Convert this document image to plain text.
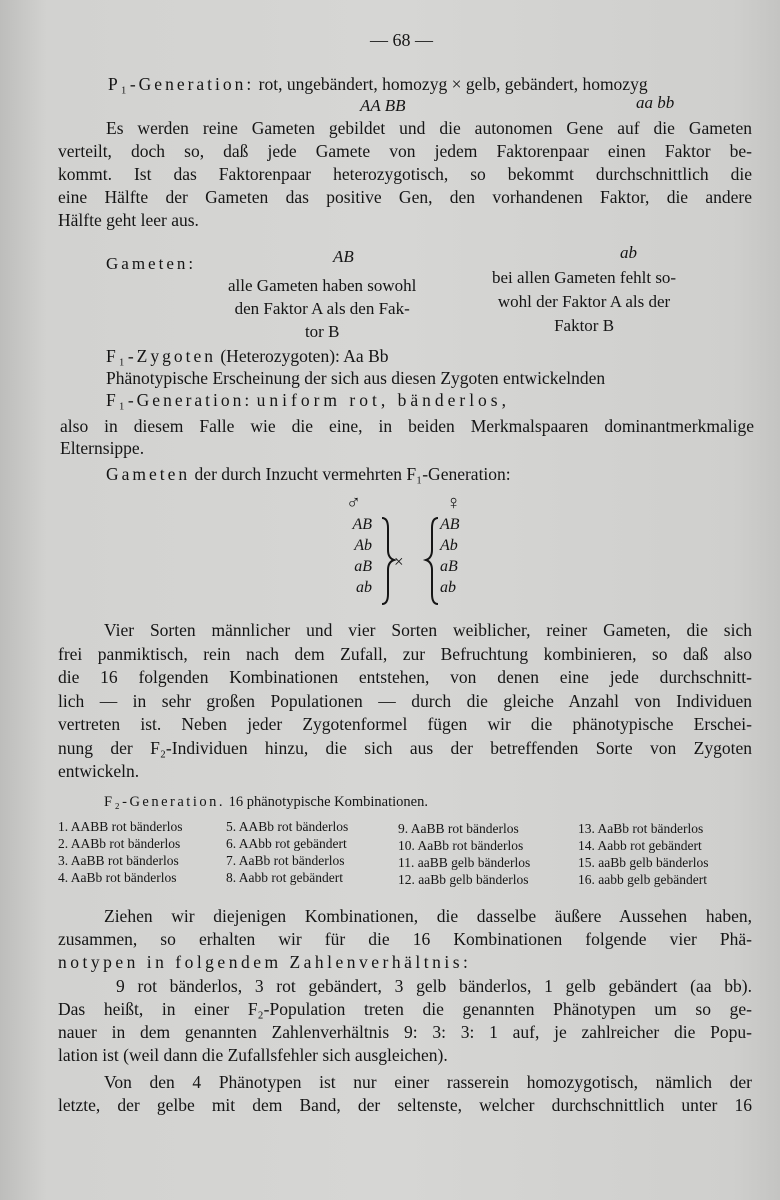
— 68 —
P₁-Generation: rot, ungebändert, homozyg × gelb, gebändert, homozyg
AA BB	aa bb
Es werden reine Gameten gebildet und die autonomen Gene auf die Gameten
verteilt, doch so, daß jede Gamete von jedem Faktorenpaar einen Faktor be-
kommt. Ist das Faktorenpaar heterozygotisch, so bekommt durchschnittlich die
eine Hälfte der Gameten das positive Gen, den vorhandenen Faktor, die andere
Hälfte geht leer aus.
Gameten:	AB	ab
alle Gameten haben sowohl
den Faktor A als den Fak-
tor B
bei allen Gameten fehlt so-
wohl der Faktor A als der
Faktor B
F₁-Zygoten (Heterozygoten): Aa Bb
Phänotypische Erscheinung der sich aus diesen Zygoten entwickelnden
F₁-Generation: uniform rot, bänderlos,
also in diesem Falle wie die eine, in beiden Merkmalspaaren dominantmerkmalige
Elternsippe.
Gameten der durch Inzucht vermehrten F₁-Generation:
♂	♀
AB
Ab
aB
ab
×
AB
Ab
aB
ab
Vier Sorten männlicher und vier Sorten weiblicher, reiner Gameten, die sich
frei panmiktisch, rein nach dem Zufall, zur Befruchtung kombinieren, so daß also
die 16 folgenden Kombinationen entstehen, von denen eine jede durchschnitt-
lich — in sehr großen Populationen — durch die gleiche Anzahl von Individuen
vertreten ist. Neben jeder Zygotenformel fügen wir die phänotypische Erschei-
nung der F₂-Individuen hinzu, die sich aus der betreffenden Sorte von Zygoten
entwickeln.
F₂-Generation. 16 phänotypische Kombinationen.
1. AABB rot bänderlos
2. AABb rot bänderlos
3. AaBB rot bänderlos
4. AaBb rot bänderlos
5. AABb rot bänderlos
6. AAbb rot gebändert
7. AaBb rot bänderlos
8. Aabb rot gebändert
9. AaBB rot bänderlos
10. AaBb rot bänderlos
11. aaBB gelb bänderlos
12. aaBb gelb bänderlos
13. AaBb rot bänderlos
14. Aabb rot gebändert
15. aaBb gelb bänderlos
16. aabb gelb gebändert
Ziehen wir diejenigen Kombinationen, die dasselbe äußere Aussehen haben,
zusammen, so erhalten wir für die 16 Kombinationen folgende vier Phä-
notypen in folgendem Zahlenverhältnis:
9 rot bänderlos, 3 rot gebändert, 3 gelb bänderlos, 1 gelb gebändert (aa bb).
Das heißt, in einer F₂-Population treten die genannten Phänotypen um so ge-
nauer in dem genannten Zahlenverhältnis 9: 3: 3: 1 auf, je zahlreicher die Popu-
lation ist (weil dann die Zufallsfehler sich ausgleichen).
Von den 4 Phänotypen ist nur einer rasserein homozygotisch, nämlich der
letzte, der gelbe mit dem Band, der seltenste, welcher durchschnittlich unter 16
